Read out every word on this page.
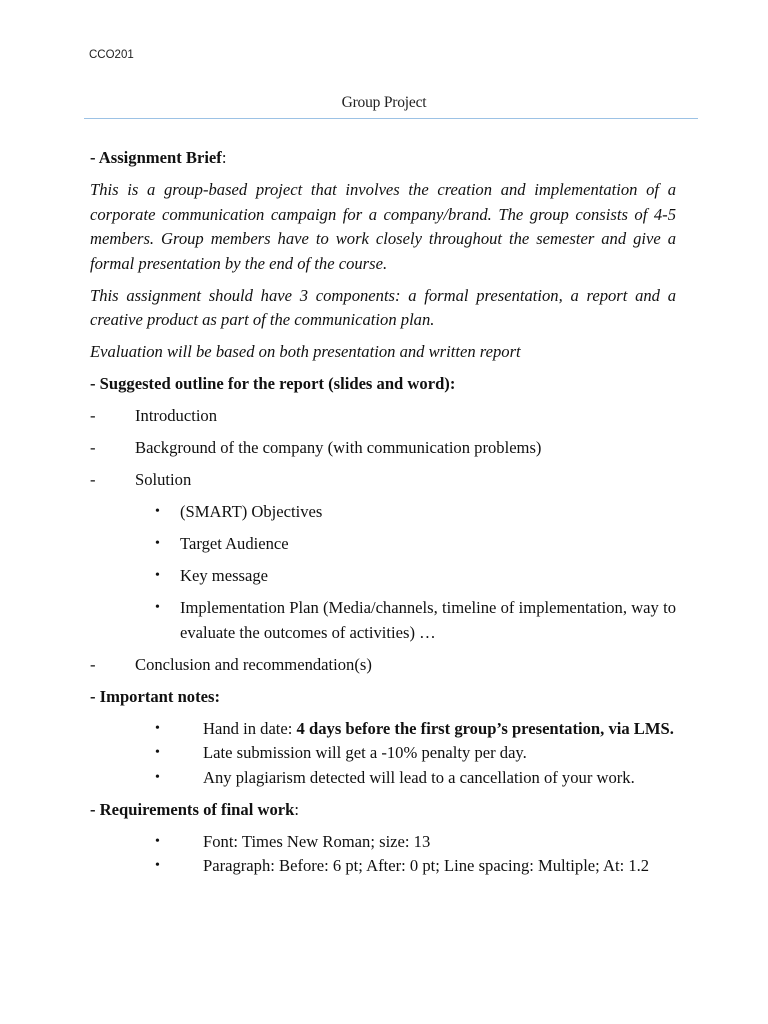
CCO201
Group Project

- Assignment Brief:

This is a group-based project that involves the creation and implementation of a corporate communication campaign for a company/brand. The group consists of 4-5 members. Group members have to work closely throughout the semester and give a formal presentation by the end of the course.

This assignment should have 3 components: a formal presentation, a report and a creative product as part of the communication plan.

Evaluation will be based on both presentation and written report

- Suggested outline for the report (slides and word):

-	Introduction
-	Background of the company (with communication problems)
-	Solution
•	(SMART) Objectives
•	Target Audience
•	Key message
•	Implementation Plan (Media/channels, timeline of implementation, way to evaluate the outcomes of activities) …
-	Conclusion and recommendation(s)

- Important notes:

•	Hand in date: 4 days before the first group’s presentation, via LMS.
•	Late submission will get a -10% penalty per day.
•	Any plagiarism detected will lead to a cancellation of your work.

- Requirements of final work:

•	Font: Times New Roman; size: 13
•	Paragraph: Before: 6 pt; After: 0 pt; Line spacing: Multiple; At: 1.2
